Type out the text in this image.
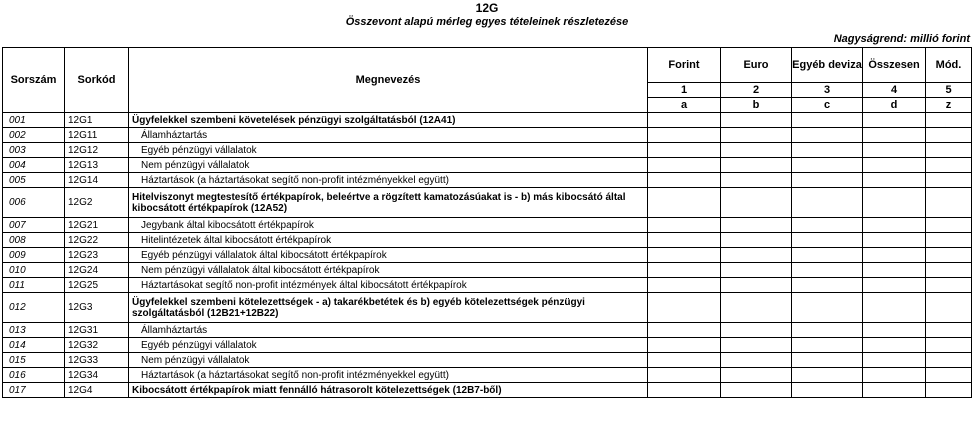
12G
Összevont alapú mérleg egyes tételeinek részletezése
Nagyságrend: millió forint
Sorszám	Sorkód	Megnevezés	Forint	Euro	Egyéb deviza	Összesen	Mód.
			1	2	3	4	5
			a	b	c	d	z
001	12G1	Ügyfelekkel szembeni követelések pénzügyi szolgáltatásból (12A41)					
002	12G11	Államháztartás					
003	12G12	Egyéb pénzügyi vállalatok					
004	12G13	Nem pénzügyi vállalatok					
005	12G14	Háztartások (a háztartásokat segítő non-profit intézményekkel együtt)					
006	12G2	Hitelviszonyt megtestesítő értékpapírok, beleértve a rögzített kamatozásúakat is - b) más kibocsátó által kibocsátott értékpapírok (12A52)					
007	12G21	Jegybank által kibocsátott értékpapírok					
008	12G22	Hitelintézetek által kibocsátott értékpapírok					
009	12G23	Egyéb pénzügyi vállalatok által kibocsátott értékpapírok					
010	12G24	Nem pénzügyi vállalatok által kibocsátott értékpapírok					
011	12G25	Háztartásokat segítő non-profit intézmények által kibocsátott értékpapírok					
012	12G3	Ügyfelekkel szembeni kötelezettségek - a) takarékbetétek és b) egyéb kötelezettségek pénzügyi szolgáltatásból (12B21+12B22)					
013	12G31	Államháztartás					
014	12G32	Egyéb pénzügyi vállalatok					
015	12G33	Nem pénzügyi vállalatok					
016	12G34	Háztartások (a háztartásokat segítő non-profit intézményekkel együtt)					
017	12G4	Kibocsátott értékpapírok miatt fennálló hátrasorolt kötelezettségek (12B7-ből)					
